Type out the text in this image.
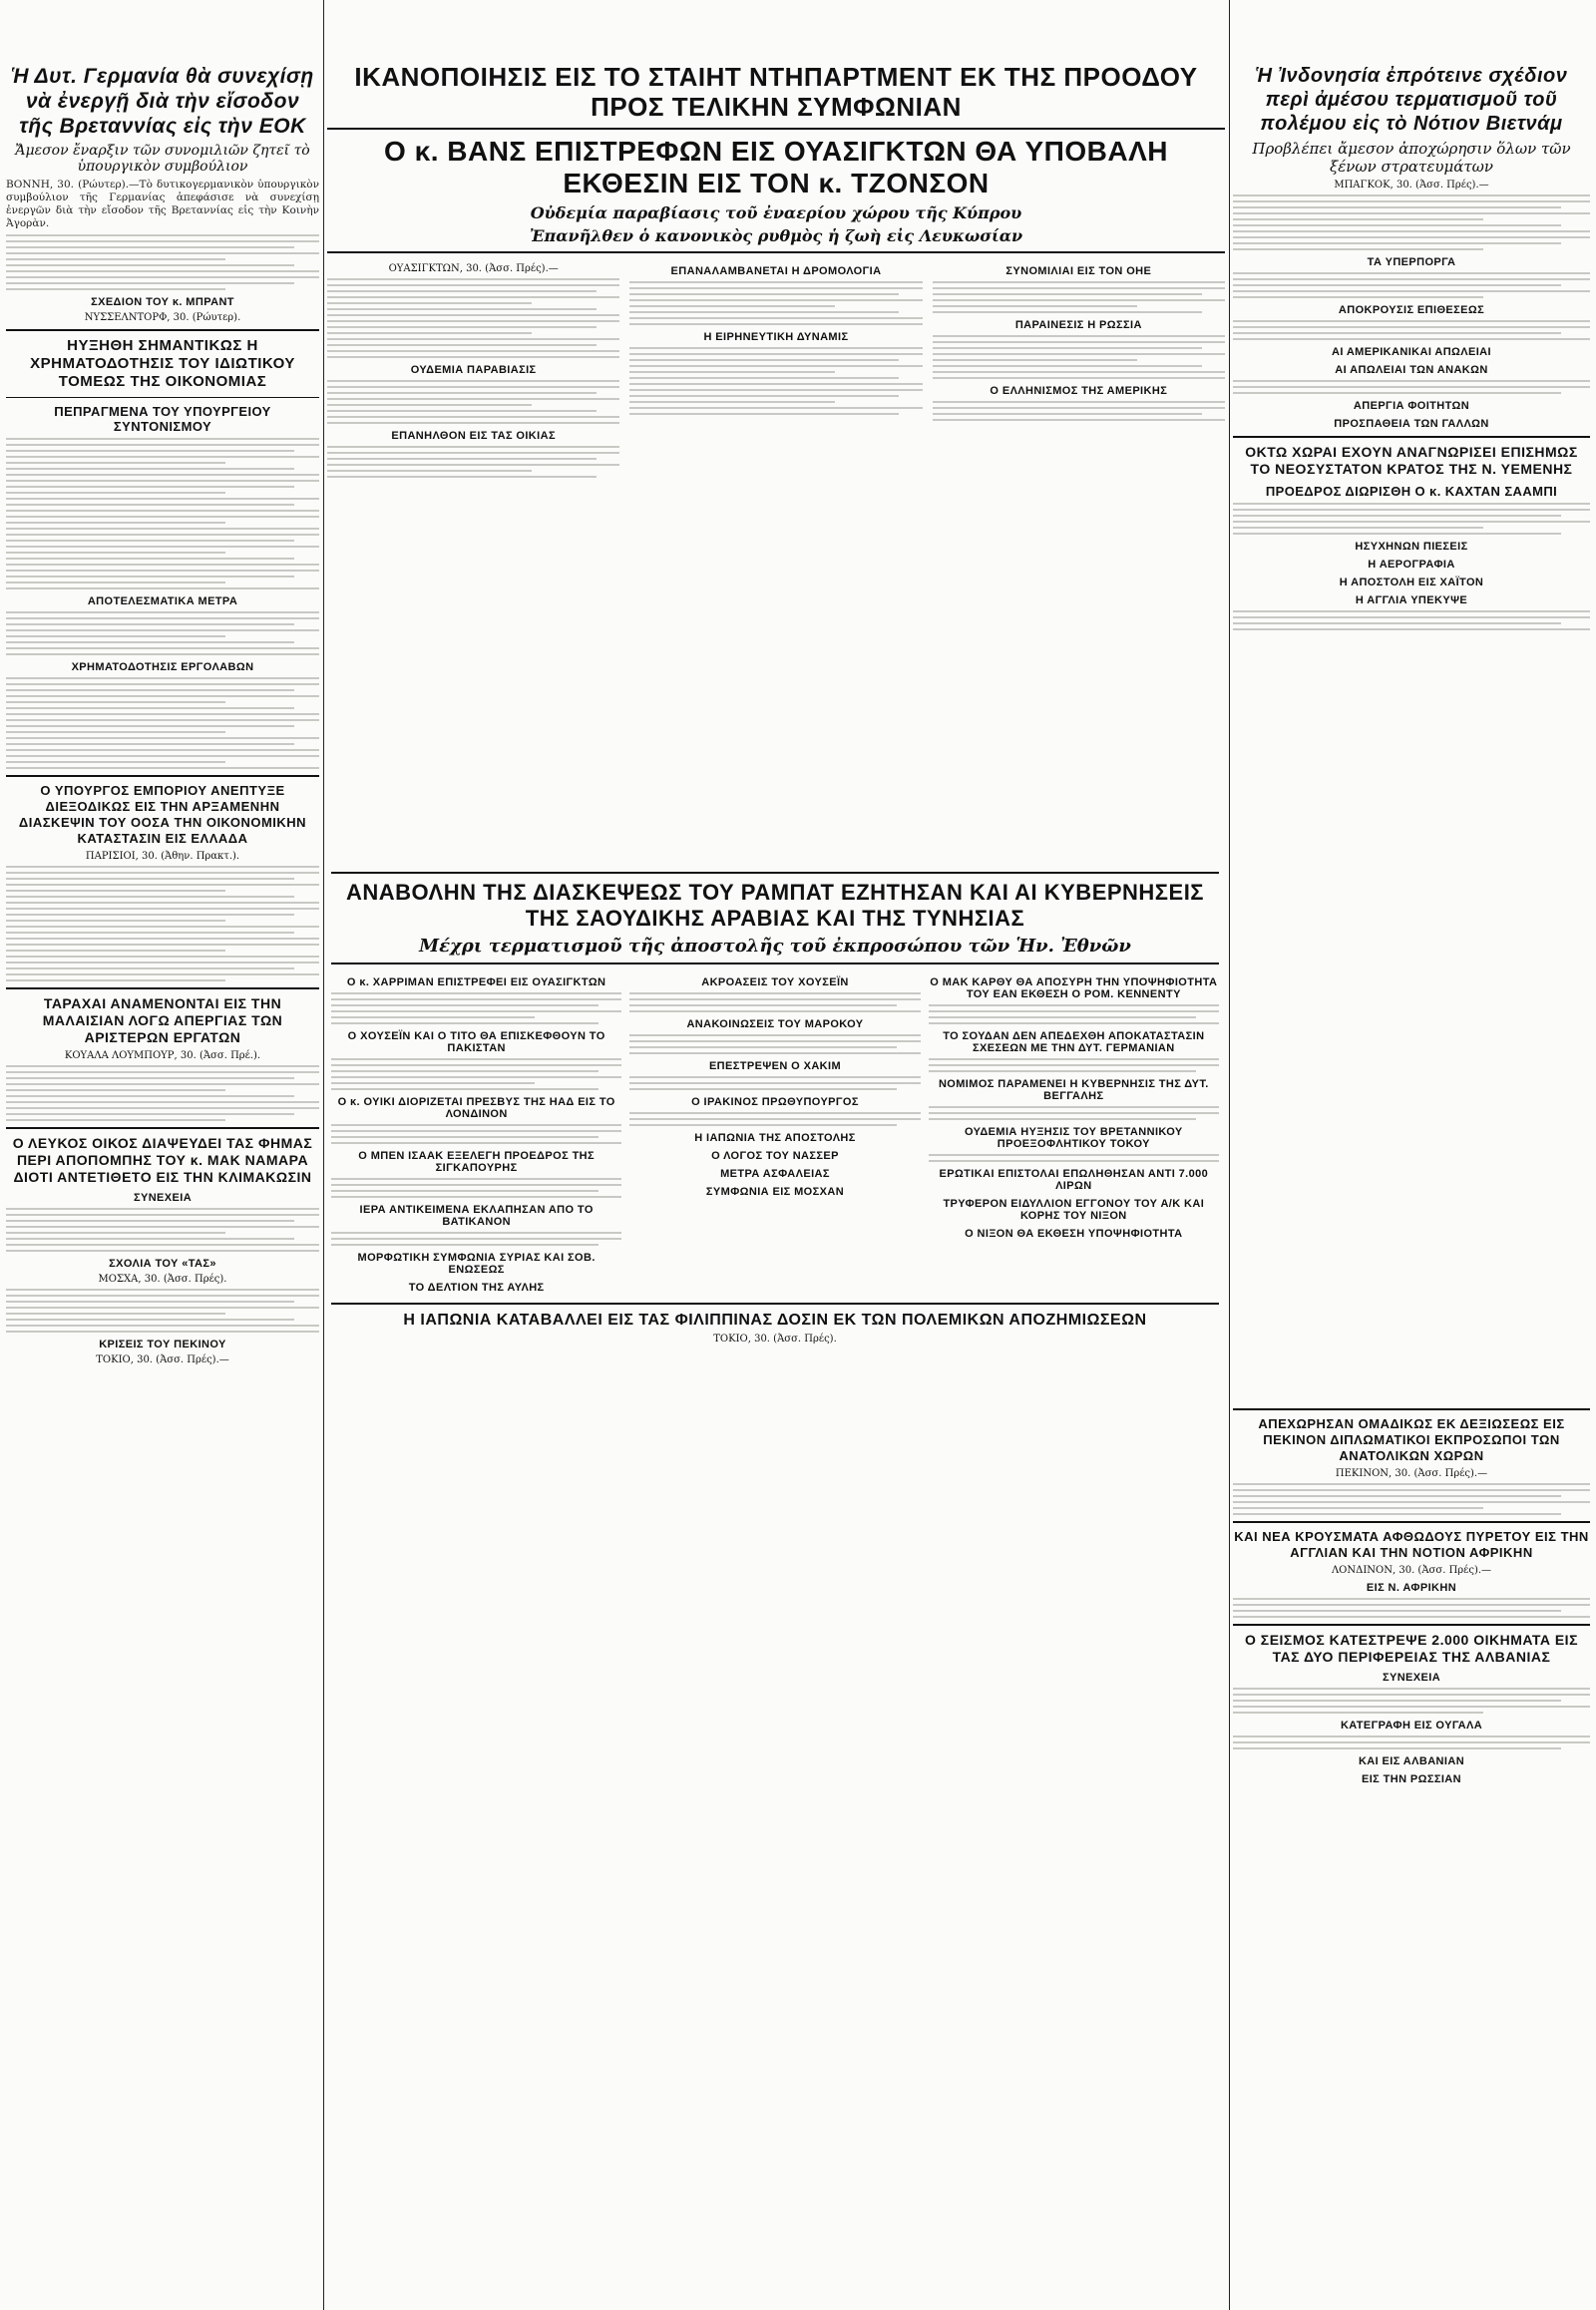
Ἡ Δυτ. Γερμανία θὰ συνεχίσῃ νὰ ἐνεργῇ διὰ τὴν εἴσοδον τῆς Βρεταννίας εἰς τὴν ΕΟΚ
Ἄμεσον ἔναρξιν τῶν συνομιλιῶν ζητεῖ τὸ ὑπουργικὸν συμβούλιον
ΒΟΝΝΗ, 30. (Ρώυτερ).—Τὸ δυτικογερμανικὸν ὑπουργικὸν συμβούλιον τῆς Γερμανίας ἀπεφάσισε νὰ συνεχίσῃ ἐνεργῶν διὰ τὴν εἴσοδον τῆς Βρεταννίας εἰς τὴν Κοινὴν Ἀγορὰν.
ΣΧΕΔΙΟΝ ΤΟΥ κ. ΜΠΡΑΝΤ
ΝΥΣΣΕΛΝΤΟΡΦ, 30. (Ρώυτερ).
ΗΥΞΗΘΗ ΣΗΜΑΝΤΙΚΩΣ Η ΧΡΗΜΑΤΟΔΟΤΗΣΙΣ ΤΟΥ ΙΔΙΩΤΙΚΟΥ ΤΟΜΕΩΣ ΤΗΣ ΟΙΚΟΝΟΜΙΑΣ
ΠΕΠΡΑΓΜΕΝΑ ΤΟΥ ΥΠΟΥΡΓΕΙΟΥ ΣΥΝΤΟΝΙΣΜΟΥ
ΑΠΟΤΕΛΕΣΜΑΤΙΚΑ ΜΕΤΡΑ
ΧΡΗΜΑΤΟΔΟΤΗΣΙΣ ΕΡΓΟΛΑΒΩΝ
Ο ΥΠΟΥΡΓΟΣ ΕΜΠΟΡΙΟΥ ΑΝΕΠΤΥΞΕ ΔΙΕΞΟΔΙΚΩΣ ΕΙΣ ΤΗΝ ΑΡΞΑΜΕΝΗΝ ΔΙΑΣΚΕΨΙΝ ΤΟΥ ΟΟΣΑ ΤΗΝ ΟΙΚΟΝΟΜΙΚΗΝ ΚΑΤΑΣΤΑΣΙΝ ΕΙΣ ΕΛΛΑΔΑ
ΠΑΡΙΣΙΟΙ, 30. (Ἀθην. Πρακτ.).
ΤΑΡΑΧΑΙ ΑΝΑΜΕΝΟΝΤΑΙ ΕΙΣ ΤΗΝ ΜΑΛΑΙΣΙΑΝ ΛΟΓΩ ΑΠΕΡΓΙΑΣ ΤΩΝ ΑΡΙΣΤΕΡΩΝ ΕΡΓΑΤΩΝ
ΚΟΥΑΛΑ ΛΟΥΜΠΟΥΡ, 30. (Ἀσσ. Πρέ.).
Ο ΛΕΥΚΟΣ ΟΙΚΟΣ ΔΙΑΨΕΥΔΕΙ ΤΑΣ ΦΗΜΑΣ ΠΕΡΙ ΑΠΟΠΟΜΠΗΣ ΤΟΥ κ. ΜΑΚ ΝΑΜΑΡΑ ΔΙΟΤΙ ΑΝΤΕΤΙΘΕΤΟ ΕΙΣ ΤΗΝ ΚΛΙΜΑΚΩΣΙΝ
ΣΥΝΕΧΕΙΑ
ΣΧΟΛΙΑ ΤΟΥ «ΤΑΣ»
ΜΟΣΧΑ, 30. (Ἀσσ. Πρές).
ΚΡΙΣΕΙΣ ΤΟΥ ΠΕΚΙΝΟΥ
ΤΟΚΙΟ, 30. (Ἀσσ. Πρές).—
ΙΚΑΝΟΠΟΙΗΣΙΣ ΕΙΣ ΤΟ ΣΤΑΙΗΤ ΝΤΗΠΑΡΤΜΕΝΤ ΕΚ ΤΗΣ ΠΡΟΟΔΟΥ ΠΡΟΣ ΤΕΛΙΚΗΝ ΣΥΜΦΩΝΙΑΝ
Ο κ. ΒΑΝΣ ΕΠΙΣΤΡΕΦΩΝ ΕΙΣ ΟΥΑΣΙΓΚΤΩΝ ΘΑ ΥΠΟΒΑΛΗ ΕΚΘΕΣΙΝ ΕΙΣ ΤΟΝ κ. ΤΖΟΝΣΟΝ
Οὐδεμία παραβίασις τοῦ ἐναερίου χώρου τῆς Κύπρου
Ἐπανῆλθεν ὁ κανονικὸς ρυθμὸς ἡ ζωὴ εἰς Λευκωσίαν
ΟΥΑΣΙΓΚΤΩΝ, 30. (Ἀσσ. Πρές).—
ΟΥΔΕΜΙΑ ΠΑΡΑΒΙΑΣΙΣ
ΕΠΑΝΗΛΘΟΝ ΕΙΣ ΤΑΣ ΟΙΚΙΑΣ
ΕΠΑΝΑΛΑΜΒΑΝΕΤΑΙ Η ΔΡΟΜΟΛΟΓΙΑ
Η ΕΙΡΗΝΕΥΤΙΚΗ ΔΥΝΑΜΙΣ
ΣΥΝΟΜΙΛΙΑΙ ΕΙΣ ΤΟΝ ΟΗΕ
ΠΑΡΑΙΝΕΣΙΣ Η ΡΩΣΣΙΑ
Ο ΕΛΛΗΝΙΣΜΟΣ ΤΗΣ ΑΜΕΡΙΚΗΣ
Ἡ Ἰνδονησία ἐπρότεινε σχέδιον περὶ ἀμέσου τερματισμοῦ τοῦ πολέμου εἰς τὸ Νότιον Βιετνάμ
Προβλέπει ἄμεσον ἀποχώρησιν ὅλων τῶν ξένων στρατευμάτων
ΜΠΑΓΚΟΚ, 30. (Ἀσσ. Πρές).—
ΤΑ ΥΠΕΡΠΟΡΓΑ
ΑΠΟΚΡΟΥΣΙΣ ΕΠΙΘΕΣΕΩΣ
ΑΙ ΑΜΕΡΙΚΑΝΙΚΑΙ ΑΠΩΛΕΙΑΙ
ΑΙ ΑΠΩΛΕΙΑΙ ΤΩΝ ΑΝΑΚΩΝ
ΑΠΕΡΓΙΑ ΦΟΙΤΗΤΩΝ
ΠΡΟΣΠΑΘΕΙΑ ΤΩΝ ΓΑΛΛΩΝ
ΟΚΤΩ ΧΩΡΑΙ ΕΧΟΥΝ ΑΝΑΓΝΩΡΙΣΕΙ ΕΠΙΣΗΜΩΣ ΤΟ ΝΕΟΣΥΣΤΑΤΟΝ ΚΡΑΤΟΣ ΤΗΣ Ν. ΥΕΜΕΝΗΣ
ΠΡΟΕΔΡΟΣ ΔΙΩΡΙΣΘΗ Ο κ. ΚΑΧΤΑΝ ΣΑΑΜΠΙ
ΗΣΥΧΗΝΩΝ ΠΙΕΣΕΙΣ
Η ΑΕΡΟΓΡΑΦΙΑ
Η ΑΠΟΣΤΟΛΗ ΕΙΣ ΧΑΪΤΟΝ
Η ΑΓΓΛΙΑ ΥΠΕΚΥΨΕ
ΑΝΑΒΟΛΗΝ ΤΗΣ ΔΙΑΣΚΕΨΕΩΣ ΤΟΥ ΡΑΜΠΑΤ ΕΖΗΤΗΣΑΝ ΚΑΙ ΑΙ ΚΥΒΕΡΝΗΣΕΙΣ ΤΗΣ ΣΑΟΥΔΙΚΗΣ ΑΡΑΒΙΑΣ ΚΑΙ ΤΗΣ ΤΥΝΗΣΙΑΣ
Μέχρι τερματισμοῦ τῆς ἀποστολῆς τοῦ ἐκπροσώπου τῶν Ἡν. Ἐθνῶν
Ο κ. ΧΑΡΡΙΜΑΝ ΕΠΙΣΤΡΕΦΕΙ ΕΙΣ ΟΥΑΣΙΓΚΤΩΝ
Ο ΧΟΥΣΕΪΝ ΚΑΙ Ο ΤΙΤΟ ΘΑ ΕΠΙΣΚΕΦΘΟΥΝ ΤΟ ΠΑΚΙΣΤΑΝ
Ο κ. ΟΥΙΚΙ ΔΙΟΡΙΖΕΤΑΙ ΠΡΕΣΒΥΣ ΤΗΣ ΗΑΔ ΕΙΣ ΤΟ ΛΟΝΔΙΝΟΝ
Ο ΜΠΕΝ ΙΣΑΑΚ ΕΞΕΛΕΓΗ ΠΡΟΕΔΡΟΣ ΤΗΣ ΣΙΓΚΑΠΟΥΡΗΣ
ΙΕΡΑ ΑΝΤΙΚΕΙΜΕΝΑ ΕΚΛΑΠΗΣΑΝ ΑΠΟ ΤΟ ΒΑΤΙΚΑΝΟΝ
ΜΟΡΦΩΤΙΚΗ ΣΥΜΦΩΝΙΑ ΣΥΡΙΑΣ ΚΑΙ ΣΟΒ. ΕΝΩΣΕΩΣ
ΤΟ ΔΕΛΤΙΟΝ ΤΗΣ ΑΥΛΗΣ
ΑΚΡΟΑΣΕΙΣ ΤΟΥ ΧΟΥΣΕΪΝ
ΑΝΑΚΟΙΝΩΣΕΙΣ ΤΟΥ ΜΑΡΟΚΟΥ
ΕΠΕΣΤΡΕΨΕΝ Ο ΧΑΚΙΜ
Ο ΙΡΑΚΙΝΟΣ ΠΡΩΘΥΠΟΥΡΓΟΣ
Η ΙΑΠΩΝΙΑ ΤΗΣ ΑΠΟΣΤΟΛΗΣ
Ο ΛΟΓΟΣ ΤΟΥ ΝΑΣΣΕΡ
ΜΕΤΡΑ ΑΣΦΑΛΕΙΑΣ
ΣΥΜΦΩΝΙΑ ΕΙΣ ΜΟΣΧΑΝ
Ο ΜΑΚ ΚΑΡΘΥ ΘΑ ΑΠΟΣΥΡΗ ΤΗΝ ΥΠΟΨΗΦΙΟΤΗΤΑ ΤΟΥ ΕΑΝ ΕΚΘΕΣΗ Ο ΡΟΜ. ΚΕΝΝΕΝΤΥ
ΤΟ ΣΟΥΔΑΝ ΔΕΝ ΑΠΕΔΕΧΘΗ ΑΠΟΚΑΤΑΣΤΑΣΙΝ ΣΧΕΣΕΩΝ ΜΕ ΤΗΝ ΔΥΤ. ΓΕΡΜΑΝΙΑΝ
ΝΟΜΙΜΟΣ ΠΑΡΑΜΕΝΕΙ Η ΚΥΒΕΡΝΗΣΙΣ ΤΗΣ ΔΥΤ. ΒΕΓΓΑΛΗΣ
ΟΥΔΕΜΙΑ ΗΥΞΗΣΙΣ ΤΟΥ ΒΡΕΤΑΝΝΙΚΟΥ ΠΡΟΕΞΟΦΛΗΤΙΚΟΥ ΤΟΚΟΥ
ΕΡΩΤΙΚΑΙ ΕΠΙΣΤΟΛΑΙ ΕΠΩΛΗΘΗΣΑΝ ΑΝΤΙ 7.000 ΛΙΡΩΝ
ΤΡΥΦΕΡΟΝ ΕΙΔΥΛΛΙΟΝ ΕΓΓΟΝΟΥ ΤΟΥ Α/Κ ΚΑΙ ΚΟΡΗΣ ΤΟΥ ΝΙΞΟΝ
Ο ΝΙΞΟΝ ΘΑ ΕΚΘΕΣΗ ΥΠΟΨΗΦΙΟΤΗΤΑ
Η ΙΑΠΩΝΙΑ ΚΑΤΑΒΑΛΛΕΙ ΕΙΣ ΤΑΣ ΦΙΛΙΠΠΙΝΑΣ ΔΟΣΙΝ ΕΚ ΤΩΝ ΠΟΛΕΜΙΚΩΝ ΑΠΟΖΗΜΙΩΣΕΩΝ
ΤΟΚΙΟ, 30. (Ἀσσ. Πρές).
ΑΠΕΧΩΡΗΣΑΝ ΟΜΑΔΙΚΩΣ ΕΚ ΔΕΞΙΩΣΕΩΣ ΕΙΣ ΠΕΚΙΝΟΝ ΔΙΠΛΩΜΑΤΙΚΟΙ ΕΚΠΡΟΣΩΠΟΙ ΤΩΝ ΑΝΑΤΟΛΙΚΩΝ ΧΩΡΩΝ
ΠΕΚΙΝΟΝ, 30. (Ἀσσ. Πρές).—
ΚΑΙ ΝΕΑ ΚΡΟΥΣΜΑΤΑ ΑΦΘΩΔΟΥΣ ΠΥΡΕΤΟΥ ΕΙΣ ΤΗΝ ΑΓΓΛΙΑΝ ΚΑΙ ΤΗΝ ΝΟΤΙΟΝ ΑΦΡΙΚΗΝ
ΛΟΝΔΙΝΟΝ, 30. (Ἀσσ. Πρές).—
ΕΙΣ Ν. ΑΦΡΙΚΗΝ
Ο ΣΕΙΣΜΟΣ ΚΑΤΕΣΤΡΕΨΕ 2.000 ΟΙΚΗΜΑΤΑ ΕΙΣ ΤΑΣ ΔΥΟ ΠΕΡΙΦΕΡΕΙΑΣ ΤΗΣ ΑΛΒΑΝΙΑΣ
ΣΥΝΕΧΕΙΑ
ΚΑΤΕΓΡΑΦΗ ΕΙΣ ΟΥΓΑΛΑ
ΚΑΙ ΕΙΣ ΑΛΒΑΝΙΑΝ
ΕΙΣ ΤΗΝ ΡΩΣΣΙΑΝ
